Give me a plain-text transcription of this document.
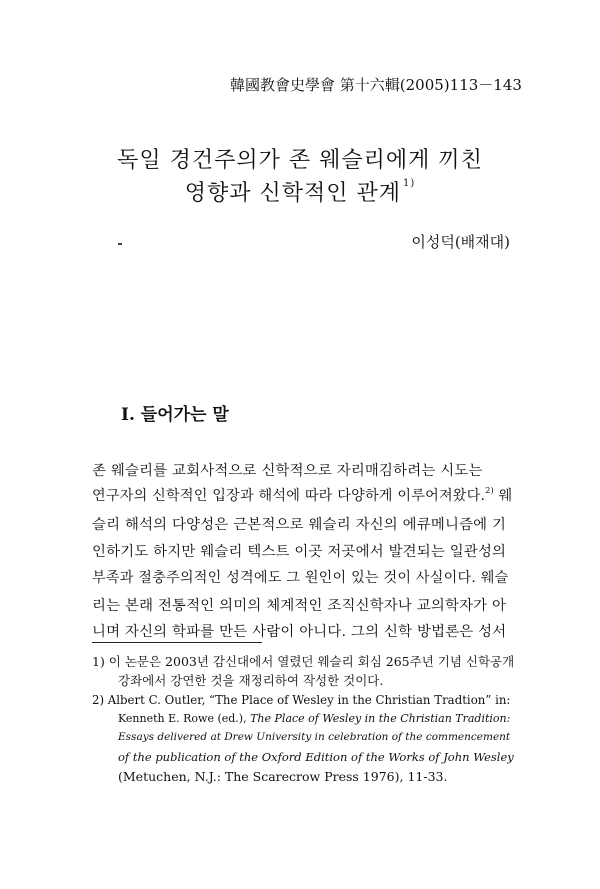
韓國教會史學會 第十六輯(2005) 113－143
독일 경건주의가 존 웨슬리에게 끼친
영향과 신학적인 관계 $^{1)}$
이성덕(배재대)
I. 들어가는 말
존 웨슬리를 교회사적으로 신학적으로 자리매김하려는 시도는
연구자의 신학적인 입장과 해석에 따라 다양하게 이루어져왔다.$^{2)}$ 웨
슬리 해석의 다양성은 근본적으로 웨슬리 자신의 에큐메니즘에 기
인하기도 하지만 웨슬리 텍스트 이곳 저곳에서 발견되는 일관성의
부족과 절충주의적인 성격에도 그 원인이 있는 것이 사실이다. 웨슬
리는 본래 전통적인 의미의 체계적인 조직신학자나 교의학자가 아
니며 자신의 학파를 만든 사람이 아니다. 그의 신학 방법론은 성서
1) 이 논문은 2003년 감신대에서 열렸던 웨슬리 회심 265주년 기념 신학공개
강좌에서 강연한 것을 재정리하여 작성한 것이다.
2) Albert C. Outler, “The Place of Wesley in the Christian Tradtion” in:
Kenneth E. Rowe (ed.), The Place of Wesley in the Christian Tradition:
Essays delivered at Drew University in celebration of the commencement
of the publication of the Oxford Edition of the Works of John Wesley
(Metuchen, N.J.: The Scarecrow Press 1976), 11-33.
